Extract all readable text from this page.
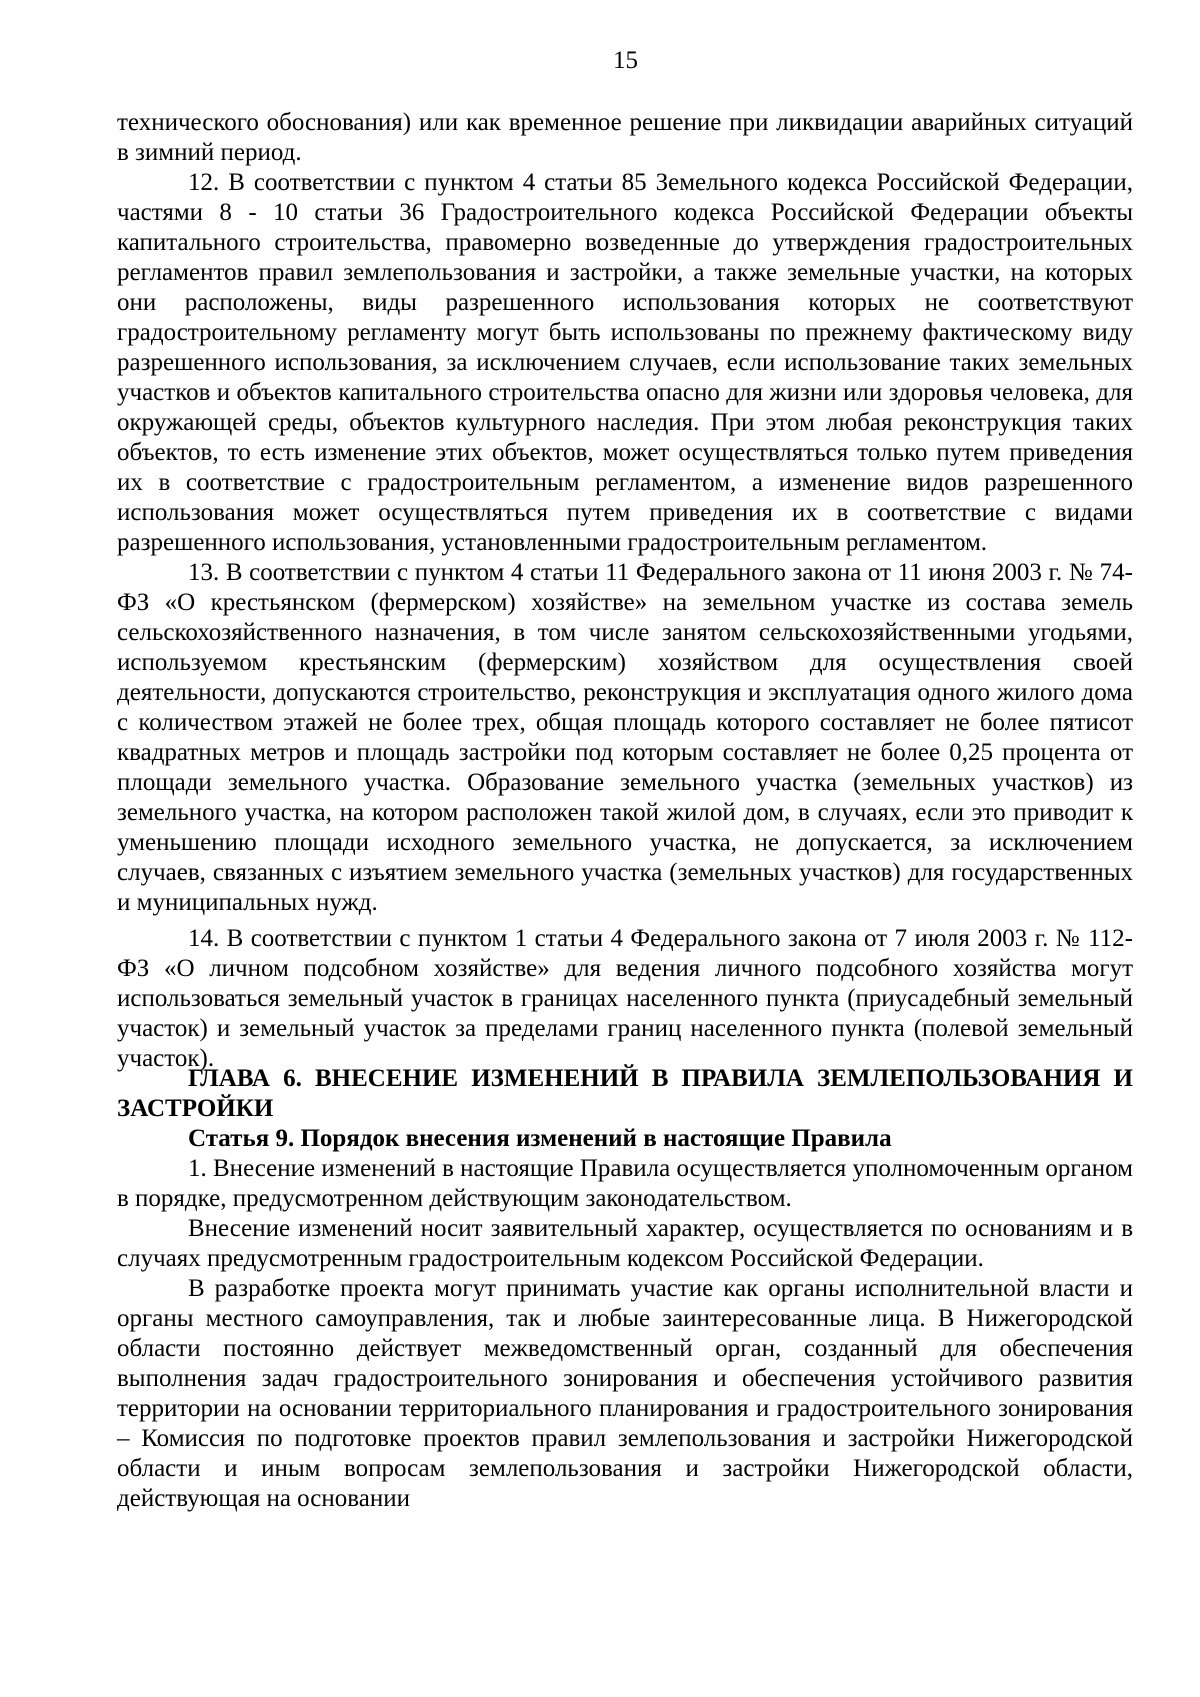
15

технического обоснования) или как временное решение при ликвидации аварийных ситуаций в зимний период.

12. В соответствии с пунктом 4 статьи 85 Земельного кодекса Российской Федерации, частями 8 - 10 статьи 36 Градостроительного кодекса Российской Федерации объекты капитального строительства, правомерно возведенные до утверждения градостроительных регламентов правил землепользования и застройки, а также земельные участки, на которых они расположены, виды разрешенного использования которых не соответствуют градостроительному регламенту могут быть использованы по прежнему фактическому виду разрешенного использования, за исключением случаев, если использование таких земельных участков и объектов капитального строительства опасно для жизни или здоровья человека, для окружающей среды, объектов культурного наследия. При этом любая реконструкция таких объектов, то есть изменение этих объектов, может осуществляться только путем приведения их в соответствие с градостроительным регламентом, а изменение видов разрешенного использования может осуществляться путем приведения их в соответствие с видами разрешенного использования, установленными градостроительным регламентом.

13. В соответствии с пунктом 4 статьи 11 Федерального закона от 11 июня 2003 г. № 74-ФЗ «О крестьянском (фермерском) хозяйстве» на земельном участке из состава земель сельскохозяйственного назначения, в том числе занятом сельскохозяйственными угодьями, используемом крестьянским (фермерским) хозяйством для осуществления своей деятельности, допускаются строительство, реконструкция и эксплуатация одного жилого дома с количеством этажей не более трех, общая площадь которого составляет не более пятисот квадратных метров и площадь застройки под которым составляет не более 0,25 процента от площади земельного участка. Образование земельного участка (земельных участков) из земельного участка, на котором расположен такой жилой дом, в случаях, если это приводит к уменьшению площади исходного земельного участка, не допускается, за исключением случаев, связанных с изъятием земельного участка (земельных участков) для государственных и муниципальных нужд.

14. В соответствии с пунктом 1 статьи 4 Федерального закона от 7 июля 2003 г. № 112-ФЗ «О личном подсобном хозяйстве» для ведения личного подсобного хозяйства могут использоваться земельный участок в границах населенного пункта (приусадебный земельный участок) и земельный участок за пределами границ населенного пункта (полевой земельный участок).

ГЛАВА 6. ВНЕСЕНИЕ ИЗМЕНЕНИЙ В ПРАВИЛА ЗЕМЛЕПОЛЬЗОВАНИЯ И ЗАСТРОЙКИ
Статья 9. Порядок внесения изменений в настоящие Правила

1. Внесение изменений в настоящие Правила осуществляется уполномоченным органом в порядке, предусмотренном действующим законодательством.

Внесение изменений носит заявительный характер, осуществляется по основаниям и в случаях предусмотренным градостроительным кодексом Российской Федерации.

В разработке проекта могут принимать участие как органы исполнительной власти и органы местного самоуправления, так и любые заинтересованные лица. В Нижегородской области постоянно действует межведомственный орган, созданный для обеспечения выполнения задач градостроительного зонирования и обеспечения устойчивого развития территории на основании территориального планирования и градостроительного зонирования – Комиссия по подготовке проектов правил землепользования и застройки Нижегородской области и иным вопросам землепользования и застройки Нижегородской области, действующая на основании
